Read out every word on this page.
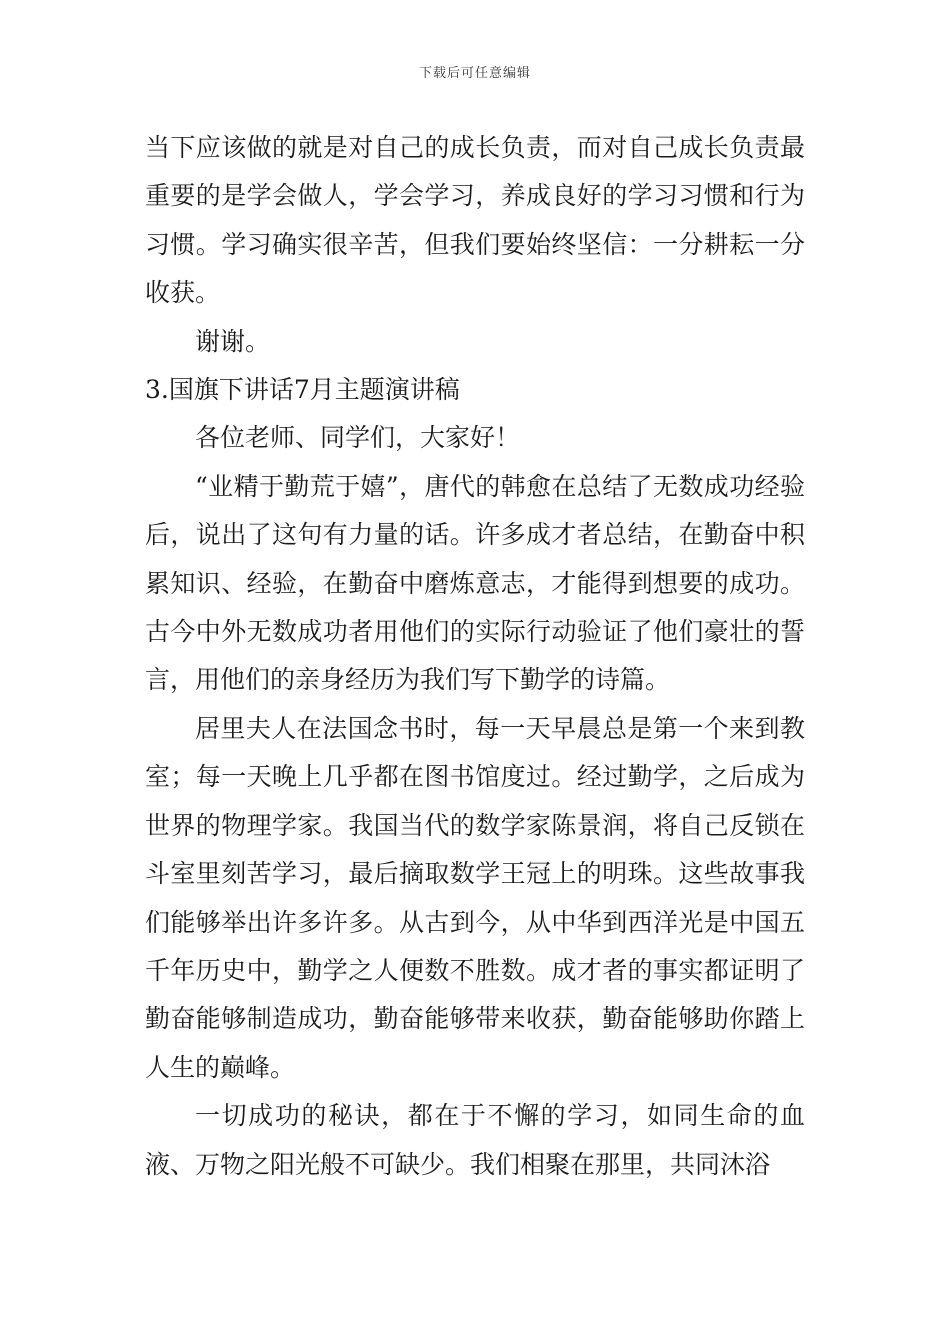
下载后可任意编辑

当下应该做的就是对自己的成长负责，而对自己成长负责最重要的是学会做人，学会学习，养成良好的学习习惯和行为习惯。学习确实很辛苦，但我们要始终坚信：一分耕耘一分收获。

谢谢。

3.国旗下讲话7月主题演讲稿

各位老师、同学们，大家好！

“业精于勤荒于嬉”，唐代的韩愈在总结了无数成功经验后，说出了这句有力量的话。许多成才者总结，在勤奋中积累知识、经验，在勤奋中磨炼意志，才能得到想要的成功。古今中外无数成功者用他们的实际行动验证了他们豪壮的誓言，用他们的亲身经历为我们写下勤学的诗篇。

居里夫人在法国念书时，每一天早晨总是第一个来到教室；每一天晚上几乎都在图书馆度过。经过勤学，之后成为世界的物理学家。我国当代的数学家陈景润，将自己反锁在斗室里刻苦学习，最后摘取数学王冠上的明珠。这些故事我们能够举出许多许多。从古到今，从中华到西洋光是中国五千年历史中，勤学之人便数不胜数。成才者的事实都证明了勤奋能够制造成功，勤奋能够带来收获，勤奋能够助你踏上人生的巅峰。

一切成功的秘诀，都在于不懈的学习，如同生命的血液、万物之阳光般不可缺少。我们相聚在那里，共同沐浴
